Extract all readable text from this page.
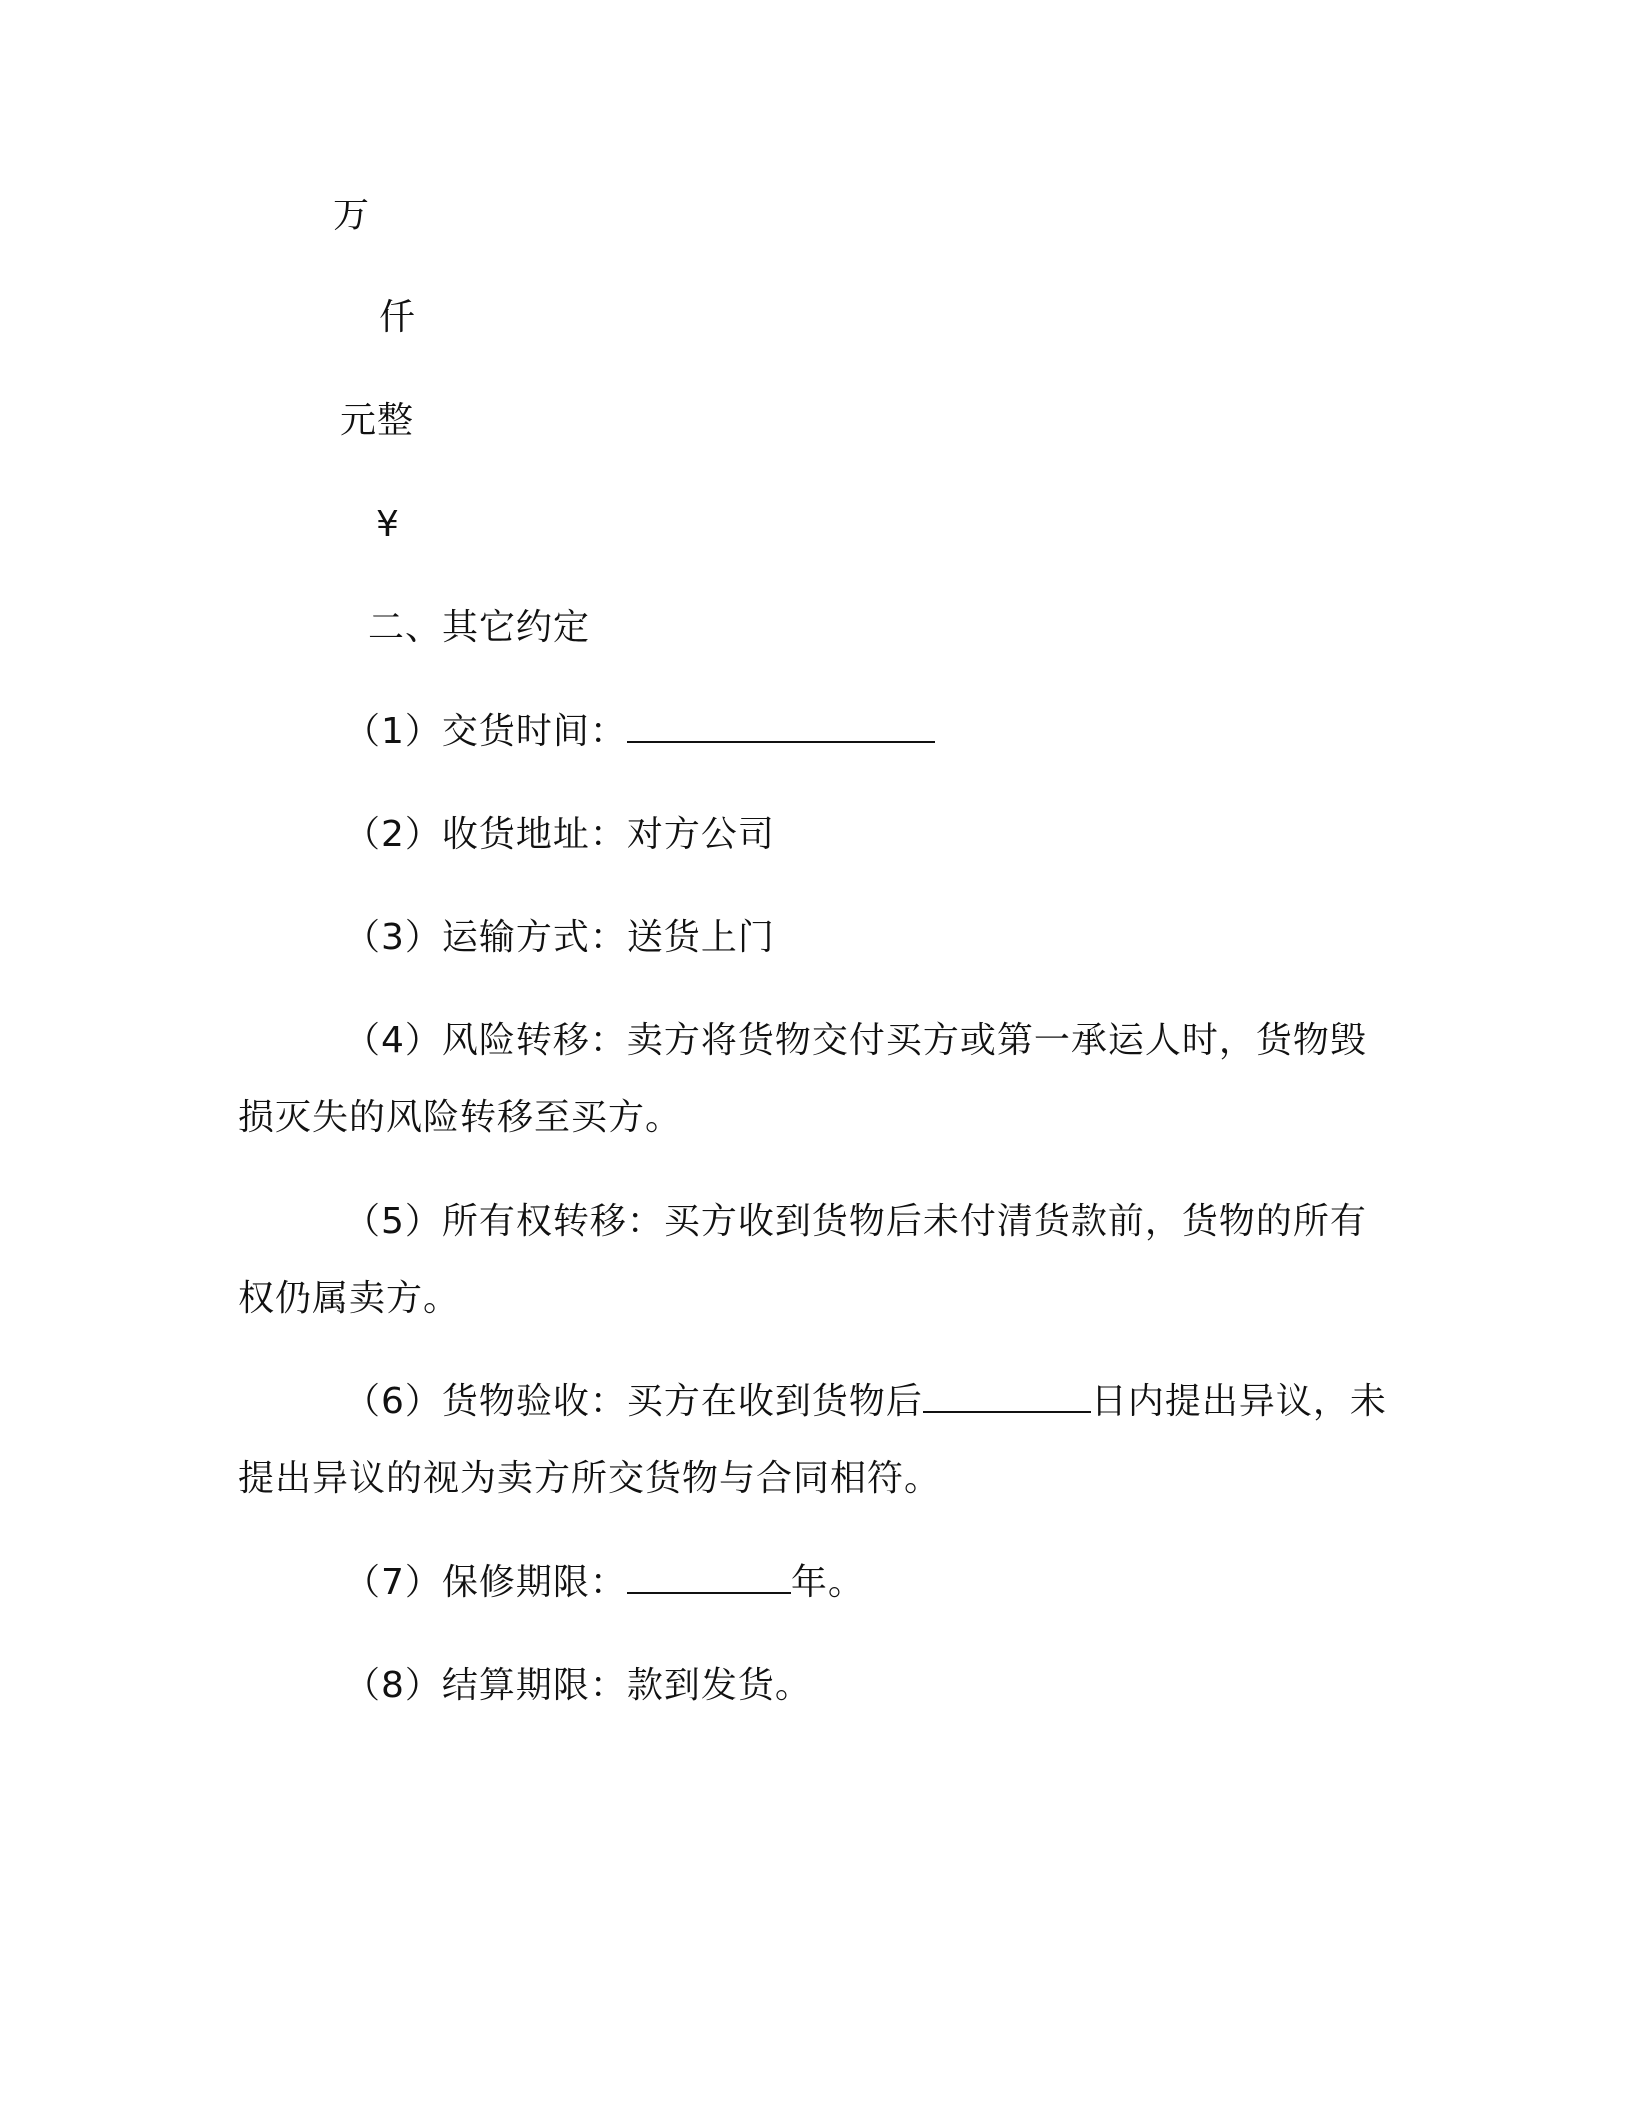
万
仟
元整
¥
二、其它约定
（1）交货时间：
（2）收货地址：对方公司
（3）运输方式：送货上门
（4）风险转移：卖方将货物交付买方或第一承运人时，货物毁
损灭失的风险转移至买方。
（5）所有权转移：买方收到货物后未付清货款前，货物的所有
权仍属卖方。
（6）货物验收：买方在收到货物后	日内提出异议，未
提出异议的视为卖方所交货物与合同相符。
（7）保修期限：	年。
（8）结算期限：款到发货。
